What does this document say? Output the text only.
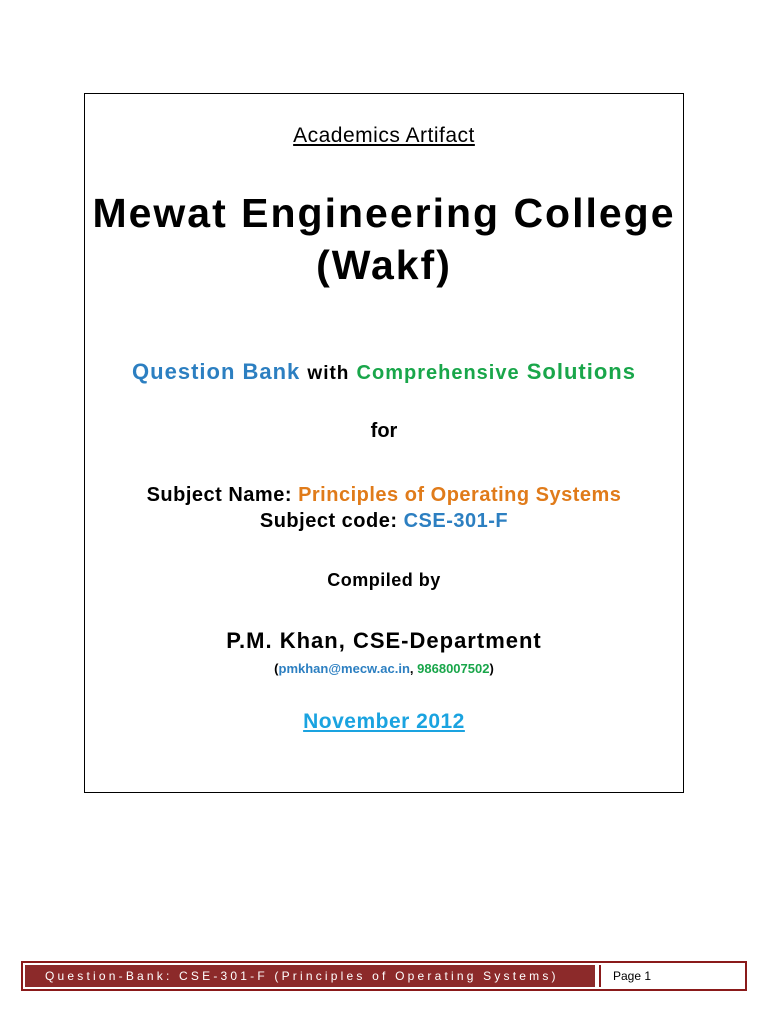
Academics Artifact
Mewat Engineering College
(Wakf)
Question Bank with Comprehensive Solutions
for
Subject Name: Principles of Operating Systems
Subject code: CSE-301-F
Compiled by
P.M. Khan, CSE-Department
(pmkhan@mecw.ac.in, 9868007502)
November 2012
Question-Bank: CSE-301-F (Principles of Operating Systems)	Page 1
